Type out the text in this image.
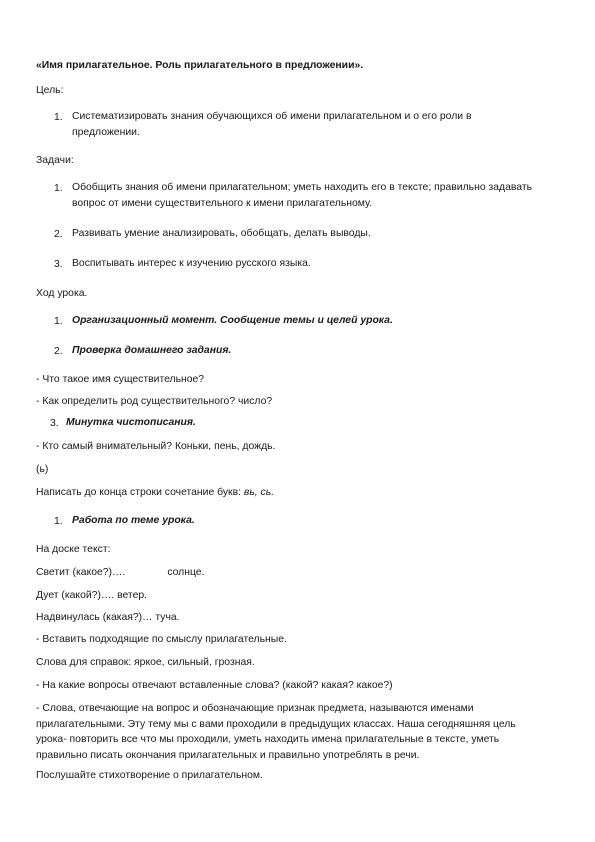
«Имя прилагательное. Роль прилагательного в предложении».
Цель:
1. Систематизировать знания обучающихся об имени прилагательном и о его роли в
предложении.
Задачи:
1. Обобщить знания об имени прилагательном; уметь находить его в тексте; правильно задавать
вопрос от имени существительного к имени прилагательному.
2. Развивать умение анализировать, обобщать, делать выводы.
3. Воспитывать интерес к изучению русского языка.
Ход урока.
1. Организационный момент. Сообщение темы и целей урока.
2. Проверка домашнего задания.
- Что такое имя существительное?
- Как определить род существительного? число?
3. Минутка чистописания.
- Кто самый внимательный? Коньки, пень, дождь.
(ь)
Написать до конца строки сочетание букв: вь, сь.
1. Работа по теме урока.
На доске текст:
Светит (какое?)….	солнце.
Дует (какой?)…. ветер.
Надвинулась (какая?)… туча.
- Вставить подходящие по смыслу прилагательные.
Слова для справок: яркое, сильный, грозная.
- На какие вопросы отвечают вставленные слова? (какой? какая? какое?)
- Слова, отвечающие на вопрос и обозначающие признак предмета, называются именами
прилагательными. Эту тему мы с вами проходили в предыдущих классах. Наша сегодняшняя цель
урока- повторить все что мы проходили, уметь находить имена прилагательные в тексте, уметь
правильно писать окончания прилагательных и правильно употреблять в речи.
Послушайте стихотворение о прилагательном.
